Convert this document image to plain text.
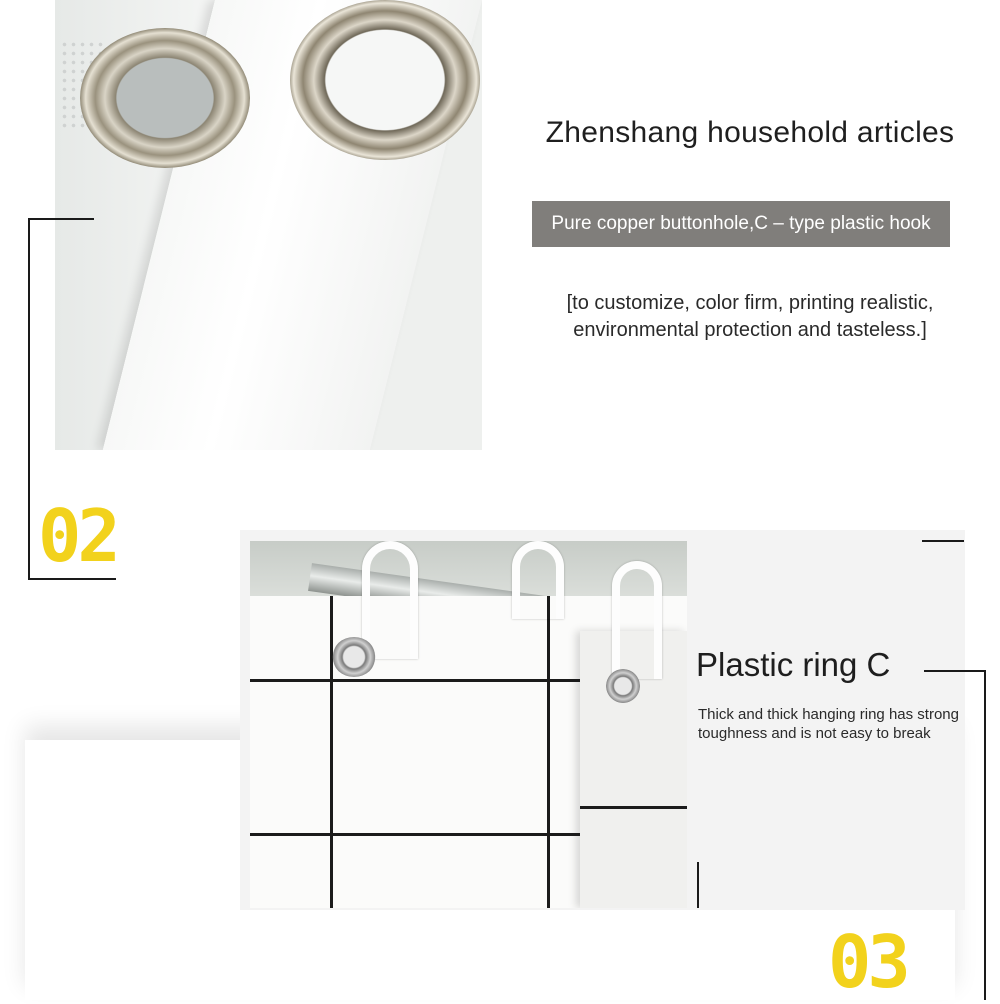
02
Zhenshang household articles
Pure copper buttonhole,C – type plastic hook
[to customize, color firm, printing realistic,
environmental protection and tasteless.]
Plastic ring C
Thick and thick hanging ring has strong toughness and is not easy to break
03
